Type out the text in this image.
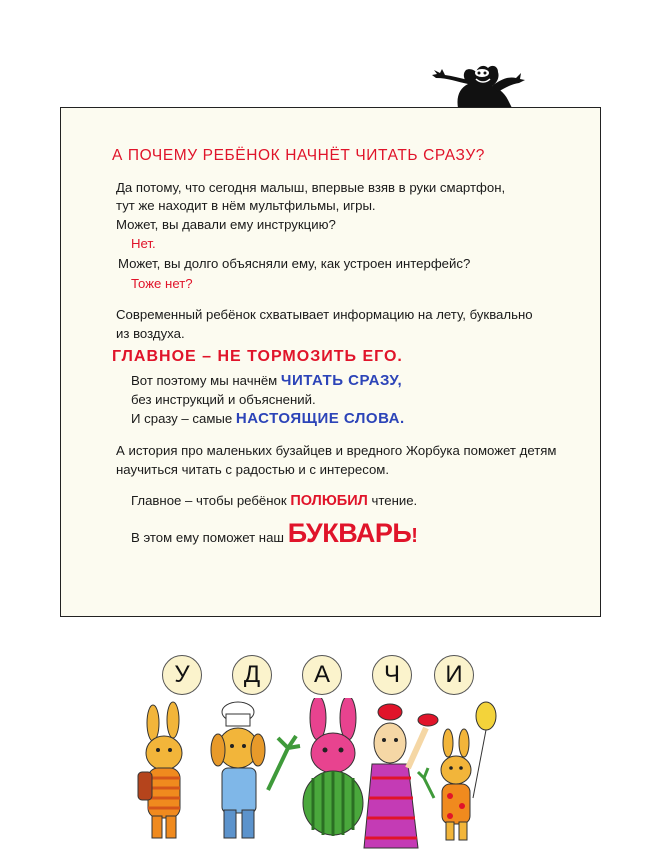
А ПОЧЕМУ РЕБЁНОК НАЧНЁТ ЧИТАТЬ СРАЗУ?
Да потому, что сегодня малыш, впервые взяв в руки смартфон,
тут же находит в нём мультфильмы, игры.
Может, вы давали ему инструкцию?
Нет.
Может, вы долго объясняли ему, как устроен интерфейс?
Тоже нет?
Современный ребёнок схватывает информацию на лету, буквально
из воздуха.
ГЛАВНОЕ – НЕ ТОРМОЗИТЬ ЕГО.
Вот поэтому мы начнём ЧИТАТЬ СРАЗУ,
без инструкций и объяснений.
И сразу – самые НАСТОЯЩИЕ СЛОВА.
А история про маленьких бузайцев и вредного Жорбука поможет детям
научиться читать с радостью и с интересом.
Главное – чтобы ребёнок ПОЛЮБИЛ чтение.
В этом ему поможет наш БУКВАРЬ!
У	Д	А	Ч	И
